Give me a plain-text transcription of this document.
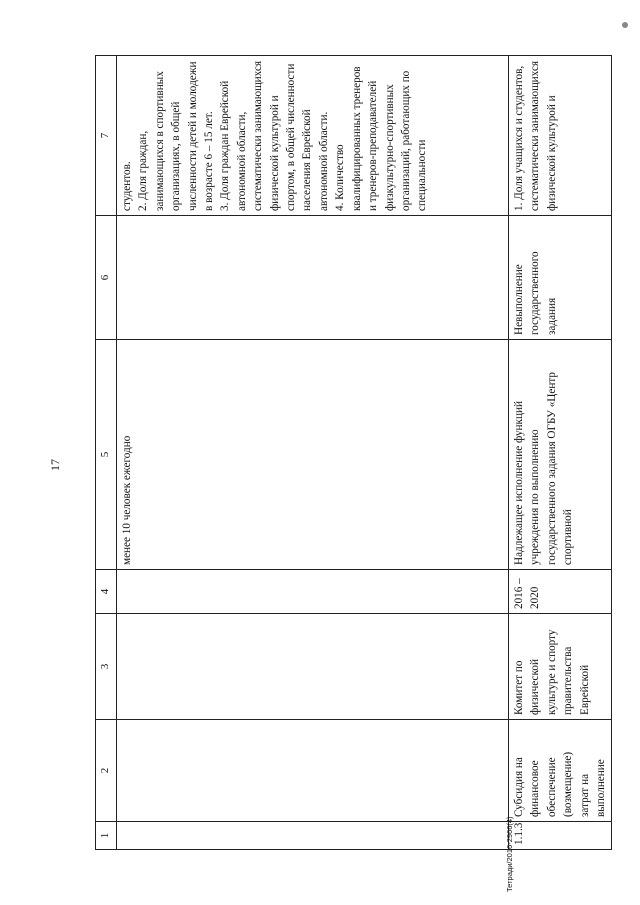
17
1	2	3	4	5	6	7
				менее 10 человек ежегодно		студентов.
2. Доля граждан, занимающихся в спортивных организациях, в общей численности детей и молодежи в возрасте 6 – 15 лет.
3. Доля граждан Еврейской автономной области, систематически занимающихся физической культурой и спортом, в общей численности населения Еврейской автономной области.
4. Количество квалифицированных тренеров и тренеров-преподавателей физкультурно-спортивных организаций, работающих по специальности
1.1.3	Субсидия на финансовое обеспечение (возмещение) затрат на выполнение	Комитет по физической культуре и спорту правительства Еврейской	2016 – 2020	Надлежащее исполнение функций учреждения по выполнению государственного задания ОГБУ «Центр спортивной	Невыполнение государственного задания	1. Доля учащихся и студентов, систематически занимающихся физической культурой и
Тетради/2016-2966(4)
